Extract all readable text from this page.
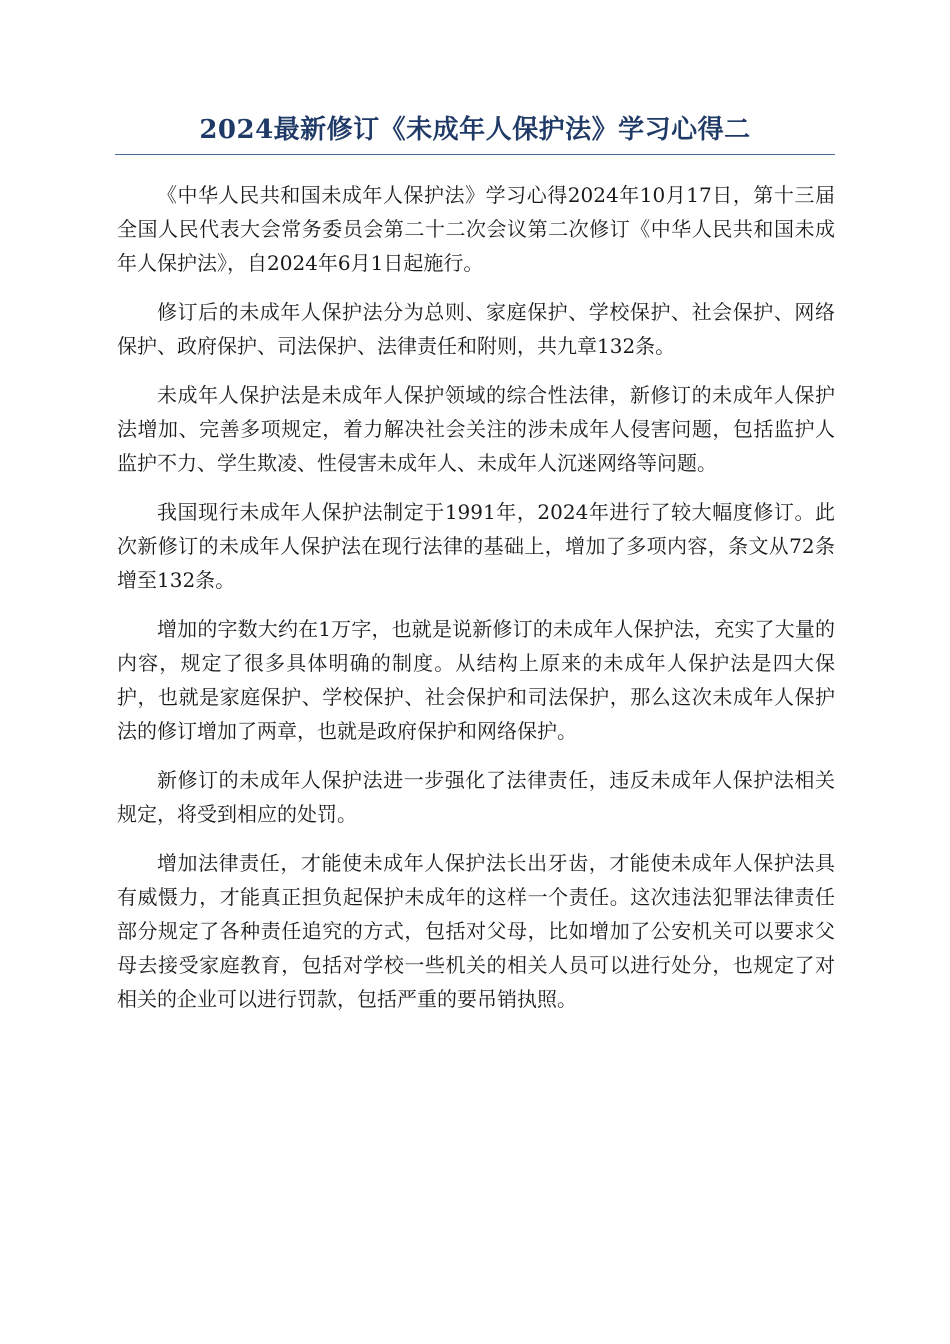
2024最新修订《未成年人保护法》学习心得二

《中华人民共和国未成年人保护法》学习心得2024年10月17日，第十三届全国人民代表大会常务委员会第二十二次会议第二次修订《中华人民共和国未成年人保护法》，自2024年6月1日起施行。

修订后的未成年人保护法分为总则、家庭保护、学校保护、社会保护、网络保护、政府保护、司法保护、法律责任和附则，共九章132条。

未成年人保护法是未成年人保护领域的综合性法律，新修订的未成年人保护法增加、完善多项规定，着力解决社会关注的涉未成年人侵害问题，包括监护人监护不力、学生欺凌、性侵害未成年人、未成年人沉迷网络等问题。

我国现行未成年人保护法制定于1991年，2024年进行了较大幅度修订。此次新修订的未成年人保护法在现行法律的基础上，增加了多项内容，条文从72条增至132条。

增加的字数大约在1万字，也就是说新修订的未成年人保护法，充实了大量的内容，规定了很多具体明确的制度。从结构上原来的未成年人保护法是四大保护，也就是家庭保护、学校保护、社会保护和司法保护，那么这次未成年人保护法的修订增加了两章，也就是政府保护和网络保护。

新修订的未成年人保护法进一步强化了法律责任，违反未成年人保护法相关规定，将受到相应的处罚。

增加法律责任，才能使未成年人保护法长出牙齿，才能使未成年人保护法具有威慑力，才能真正担负起保护未成年的这样一个责任。这次违法犯罪法律责任部分规定了各种责任追究的方式，包括对父母，比如增加了公安机关可以要求父母去接受家庭教育，包括对学校一些机关的相关人员可以进行处分，也规定了对相关的企业可以进行罚款，包括严重的要吊销执照。
